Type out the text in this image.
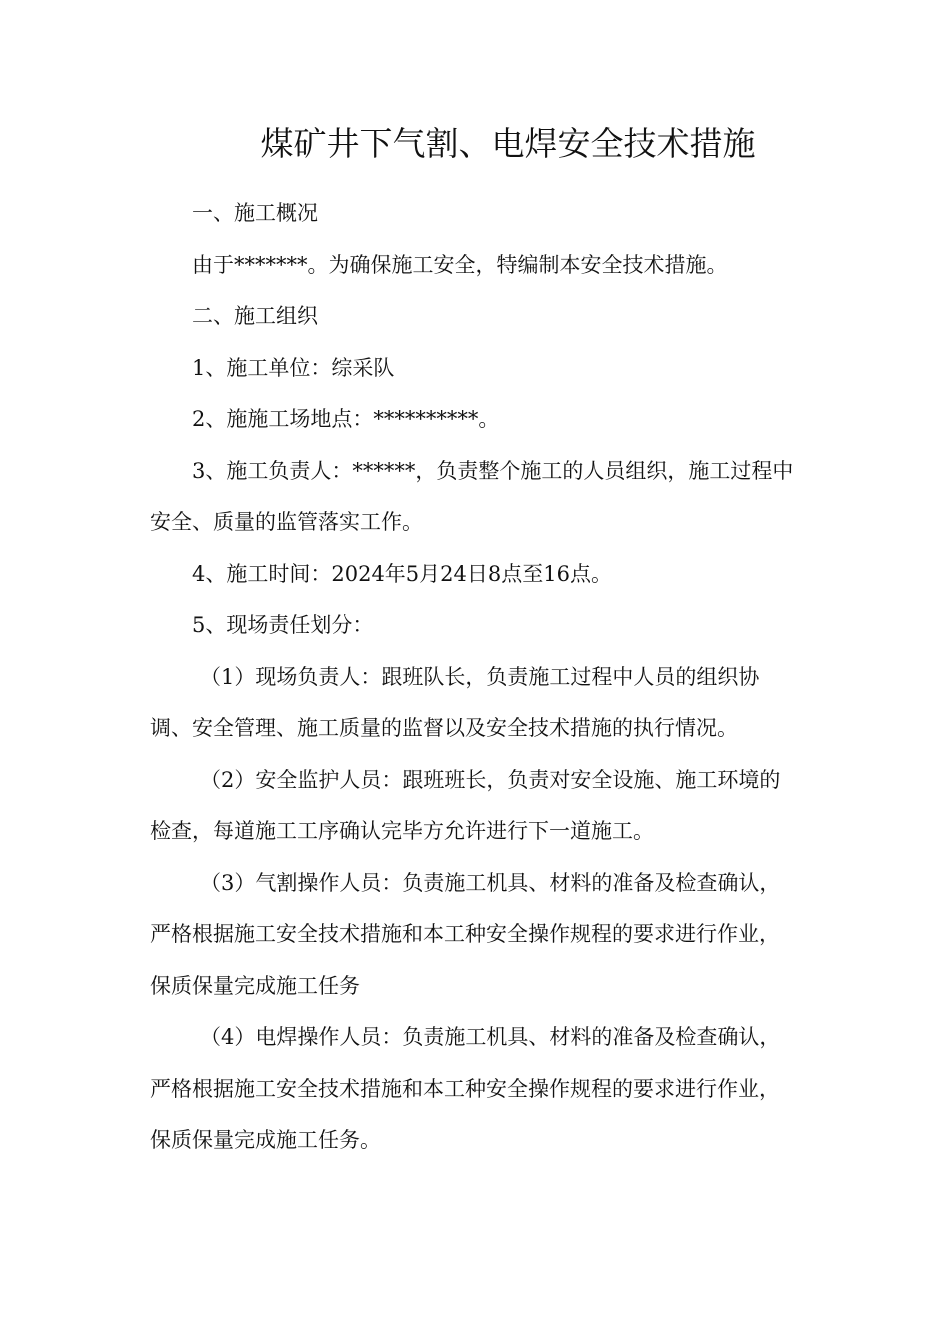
煤矿井下气割、电焊安全技术措施

一、施工概况

由于*******。为确保施工安全，特编制本安全技术措施。

二、施工组织

1、施工单位：综采队

2、施施工场地点：**********。

3、施工负责人：******，负责整个施工的人员组织，施工过程中安全、质量的监管落实工作。

4、施工时间：2024年5月24日8点至16点。

5、现场责任划分：

（1）现场负责人：跟班队长，负责施工过程中人员的组织协调、安全管理、施工质量的监督以及安全技术措施的执行情况。

（2）安全监护人员：跟班班长，负责对安全设施、施工环境的检查，每道施工工序确认完毕方允许进行下一道施工。

（3）气割操作人员：负责施工机具、材料的准备及检查确认，严格根据施工安全技术措施和本工种安全操作规程的要求进行作业，保质保量完成施工任务

（4）电焊操作人员：负责施工机具、材料的准备及检查确认，严格根据施工安全技术措施和本工种安全操作规程的要求进行作业，保质保量完成施工任务。
